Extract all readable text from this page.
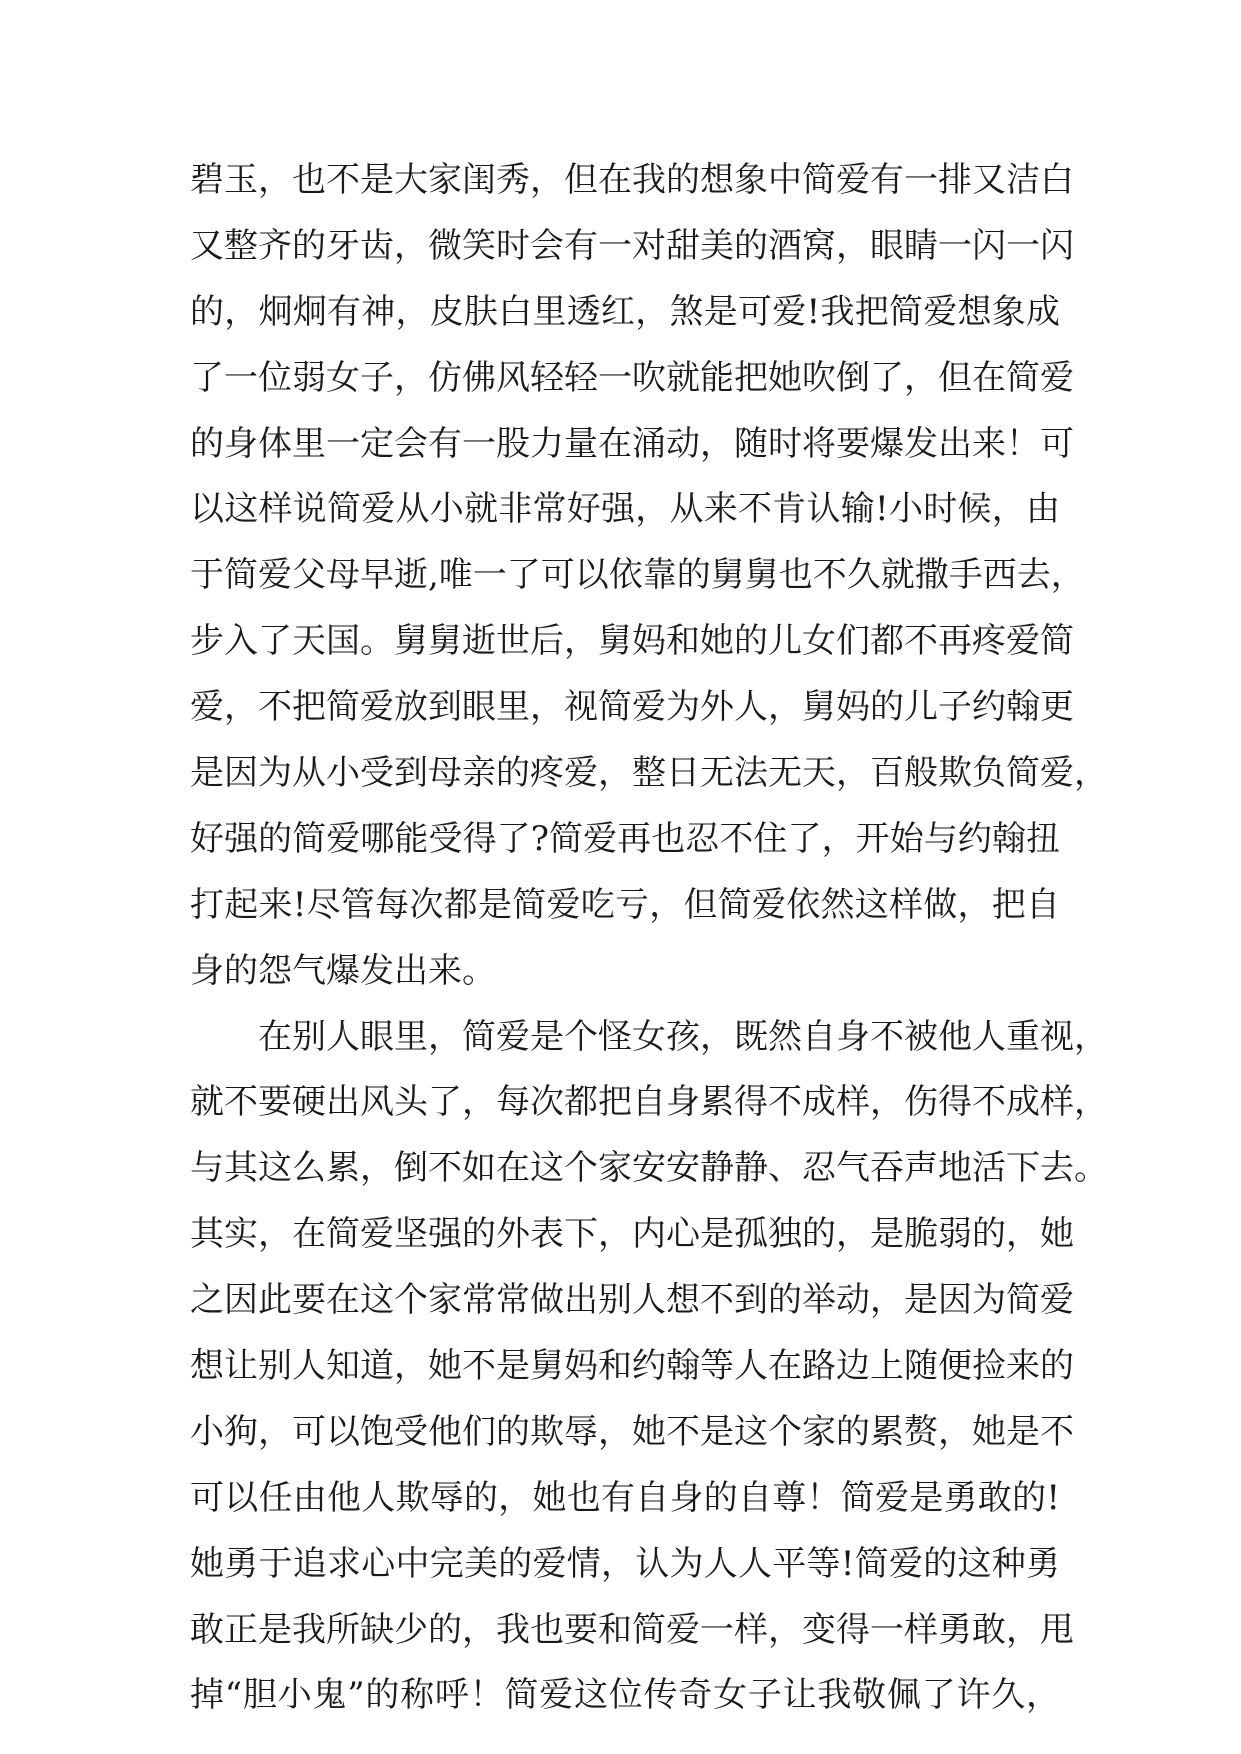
碧玉，也不是大家闺秀，但在我的想象中简爱有一排又洁白
又整齐的牙齿，微笑时会有一对甜美的酒窝，眼睛一闪一闪
的，炯炯有神，皮肤白里透红，煞是可爱!我把简爱想象成
了一位弱女子，仿佛风轻轻一吹就能把她吹倒了，但在简爱
的身体里一定会有一股力量在涌动，随时将要爆发出来！可
以这样说简爱从小就非常好强，从来不肯认输!小时候，由
于简爱父母早逝,唯一了可以依靠的舅舅也不久就撒手西去，
步入了天国。舅舅逝世后，舅妈和她的儿女们都不再疼爱简
爱，不把简爱放到眼里，视简爱为外人，舅妈的儿子约翰更
是因为从小受到母亲的疼爱，整日无法无天，百般欺负简爱，
好强的简爱哪能受得了?简爱再也忍不住了，开始与约翰扭
打起来!尽管每次都是简爱吃亏，但简爱依然这样做，把自
身的怨气爆发出来。
在别人眼里，简爱是个怪女孩，既然自身不被他人重视，
就不要硬出风头了，每次都把自身累得不成样，伤得不成样，
与其这么累，倒不如在这个家安安静静、忍气吞声地活下去。
其实，在简爱坚强的外表下，内心是孤独的，是脆弱的，她
之因此要在这个家常常做出别人想不到的举动，是因为简爱
想让别人知道，她不是舅妈和约翰等人在路边上随便捡来的
小狗，可以饱受他们的欺辱，她不是这个家的累赘，她是不
可以任由他人欺辱的，她也有自身的自尊！简爱是勇敢的!
她勇于追求心中完美的爱情，认为人人平等!简爱的这种勇
敢正是我所缺少的，我也要和简爱一样，变得一样勇敢，甩
掉“胆小鬼”的称呼！简爱这位传奇女子让我敬佩了许久，
